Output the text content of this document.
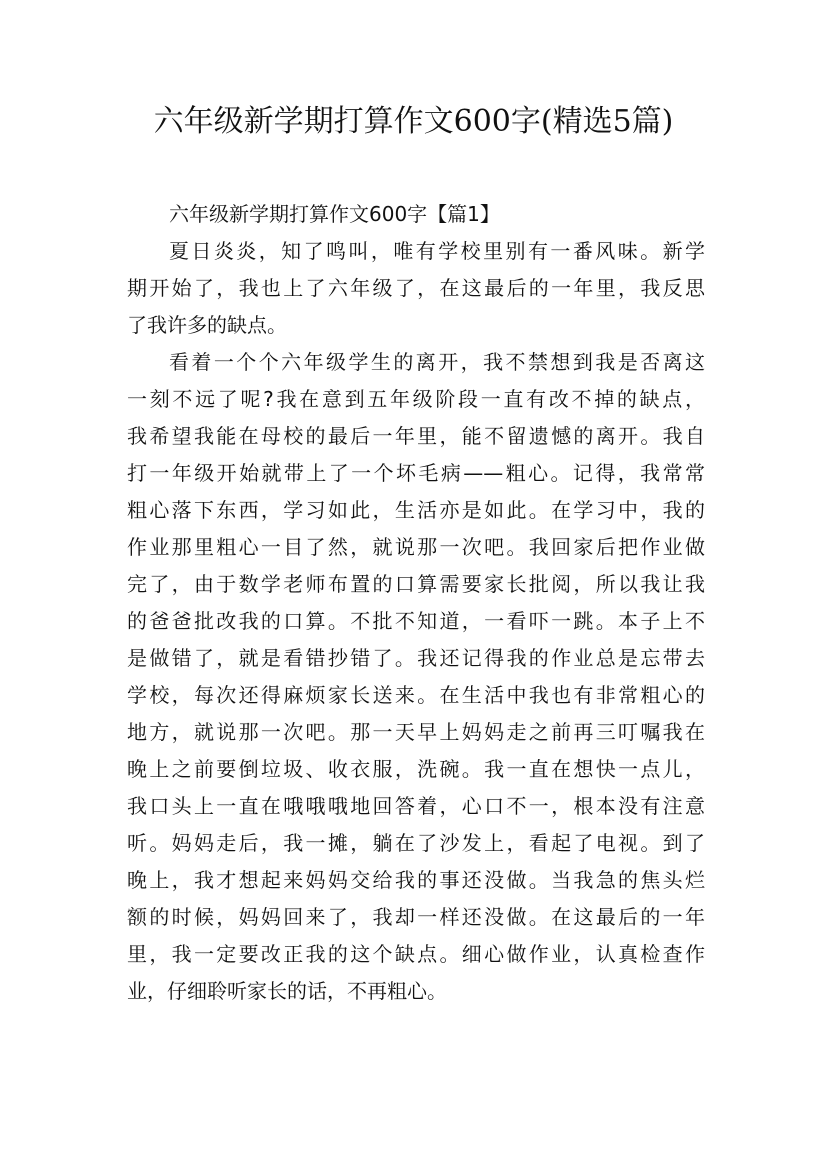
六年级新学期打算作文600字(精选5篇)
六年级新学期打算作文600字【篇1】
夏日炎炎，知了鸣叫，唯有学校里别有一番风味。新学
期开始了，我也上了六年级了，在这最后的一年里，我反思
了我许多的缺点。
看着一个个六年级学生的离开，我不禁想到我是否离这
一刻不远了呢?我在意到五年级阶段一直有改不掉的缺点，
我希望我能在母校的最后一年里，能不留遗憾的离开。我自
打一年级开始就带上了一个坏毛病——粗心。记得，我常常
粗心落下东西，学习如此，生活亦是如此。在学习中，我的
作业那里粗心一目了然，就说那一次吧。我回家后把作业做
完了，由于数学老师布置的口算需要家长批阅，所以我让我
的爸爸批改我的口算。不批不知道，一看吓一跳。本子上不
是做错了，就是看错抄错了。我还记得我的作业总是忘带去
学校，每次还得麻烦家长送来。在生活中我也有非常粗心的
地方，就说那一次吧。那一天早上妈妈走之前再三叮嘱我在
晚上之前要倒垃圾、收衣服，洗碗。我一直在想快一点儿，
我口头上一直在哦哦哦地回答着，心口不一，根本没有注意
听。妈妈走后，我一摊，躺在了沙发上，看起了电视。到了
晚上，我才想起来妈妈交给我的事还没做。当我急的焦头烂
额的时候，妈妈回来了，我却一样还没做。在这最后的一年
里，我一定要改正我的这个缺点。细心做作业，认真检查作
业，仔细聆听家长的话，不再粗心。
